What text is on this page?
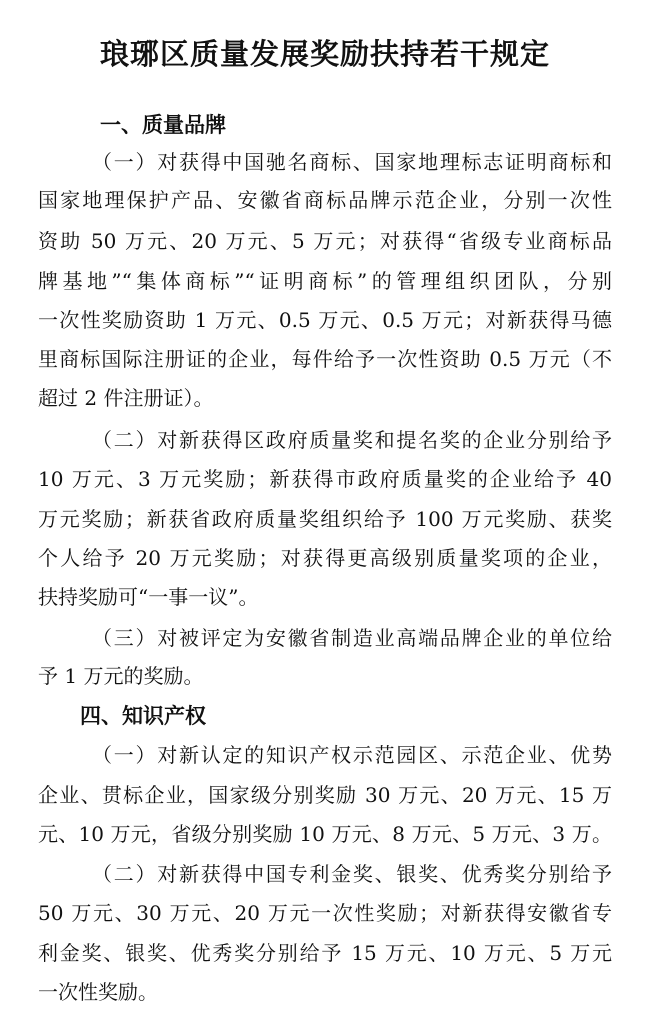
琅琊区质量发展奖励扶持若干规定
一、质量品牌
（一）对获得中国驰名商标、国家地理标志证明商标和
国家地理保护产品、安徽省商标品牌示范企业，分别一次性
资助 50 万元、20 万元、5 万元；对获得“省级专业商标品
牌基地”“集体商标”“证明商标”的管理组织团队，分别
一次性奖励资助 1 万元、0.5 万元、0.5 万元；对新获得马德
里商标国际注册证的企业，每件给予一次性资助 0.5 万元（不
超过 2 件注册证）。
（二）对新获得区政府质量奖和提名奖的企业分别给予
10 万元、3 万元奖励；新获得市政府质量奖的企业给予 40
万元奖励；新获省政府质量奖组织给予 100 万元奖励、获奖
个人给予 20 万元奖励；对获得更高级别质量奖项的企业，
扶持奖励可“一事一议”。
（三）对被评定为安徽省制造业高端品牌企业的单位给
予 1 万元的奖励。
四、知识产权
（一）对新认定的知识产权示范园区、示范企业、优势
企业、贯标企业，国家级分别奖励 30 万元、20 万元、15 万
元、10 万元，省级分别奖励 10 万元、8 万元、5 万元、3 万。
（二）对新获得中国专利金奖、银奖、优秀奖分别给予
50 万元、30 万元、20 万元一次性奖励；对新获得安徽省专
利金奖、银奖、优秀奖分别给予 15 万元、10 万元、5 万元
一次性奖励。
